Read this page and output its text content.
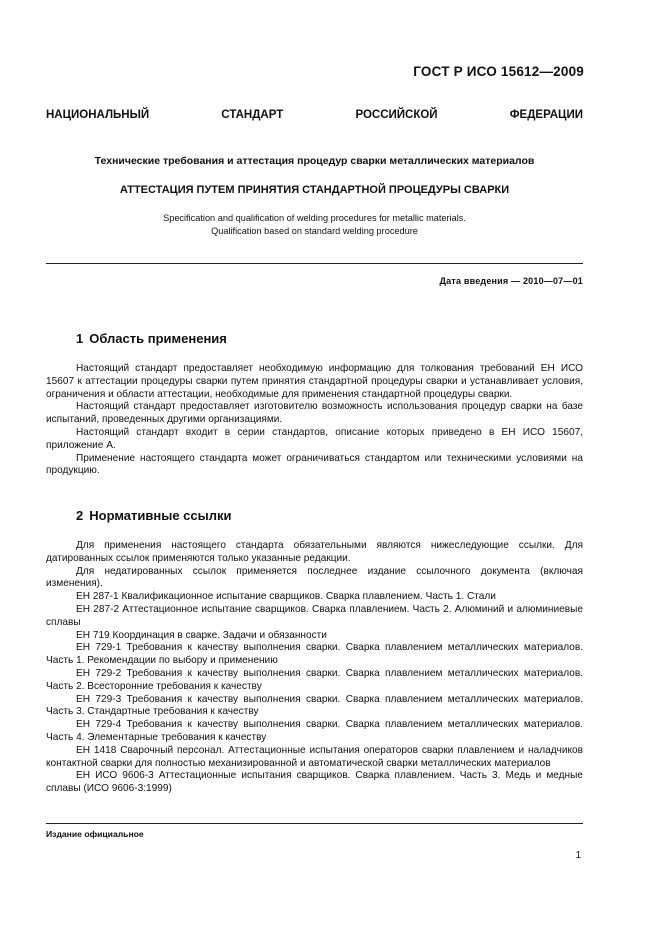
ГОСТ Р ИСО 15612—2009
НАЦИОНАЛЬНЫЙ	СТАНДАРТ	РОССИЙСКОЙ	ФЕДЕРАЦИИ
Технические требования и аттестация процедур сварки металлических материалов
АТТЕСТАЦИЯ ПУТЕМ ПРИНЯТИЯ СТАНДАРТНОЙ ПРОЦЕДУРЫ СВАРКИ
Specification and qualification of welding procedures for metallic materials.
Qualification based on standard welding procedure
Дата введения — 2010—07—01
1 Область применения

Настоящий стандарт предоставляет необходимую информацию для толкования требований ЕН ИСО 15607 к аттестации процедуры сварки путем принятия стандартной процедуры сварки и устанавливает условия, ограничения и области аттестации, необходимые для применения стандартной процедуры сварки.

Настоящий стандарт предоставляет изготовителю возможность использования процедур сварки на базе испытаний, проведенных другими организациями.

Настоящий стандарт входит в серии стандартов, описание которых приведено в ЕН ИСО 15607, приложение А.

Применение настоящего стандарта может ограничиваться стандартом или техническими условиями на продукцию.

2 Нормативные ссылки

Для применения настоящего стандарта обязательными являются нижеследующие ссылки. Для датированных ссылок применяются только указанные редакции.

Для недатированных ссылок применяется последнее издание ссылочного документа (включая изменения).

ЕН 287-1 Квалификационное испытание сварщиков. Сварка плавлением. Часть 1. Стали

ЕН 287-2 Аттестационное испытание сварщиков. Сварка плавлением. Часть 2. Алюминий и алюминиевые сплавы

ЕН 719 Координация в сварке. Задачи и обязанности

ЕН 729-1 Требования к качеству выполнения сварки. Сварка плавлением металлических материалов. Часть 1. Рекомендации по выбору и применению

ЕН 729-2 Требования к качеству выполнения сварки. Сварка плавлением металлических материалов. Часть 2. Всесторонние требования к качеству

ЕН 729-3 Требования к качеству выполнения сварки. Сварка плавлением металлических материалов. Часть 3. Стандартные требования к качеству

ЕН 729-4 Требования к качеству выполнения сварки. Сварка плавлением металлических материалов. Часть 4. Элементарные требования к качеству

ЕН 1418 Сварочный персонал. Аттестационные испытания операторов сварки плавлением и наладчиков контактной сварки для полностью механизированной и автоматической сварки металлических материалов

ЕН ИСО 9606-3 Аттестационные испытания сварщиков. Сварка плавлением. Часть 3. Медь и медные сплавы (ИСО 9606-3:1999)

Издание официальное
1
